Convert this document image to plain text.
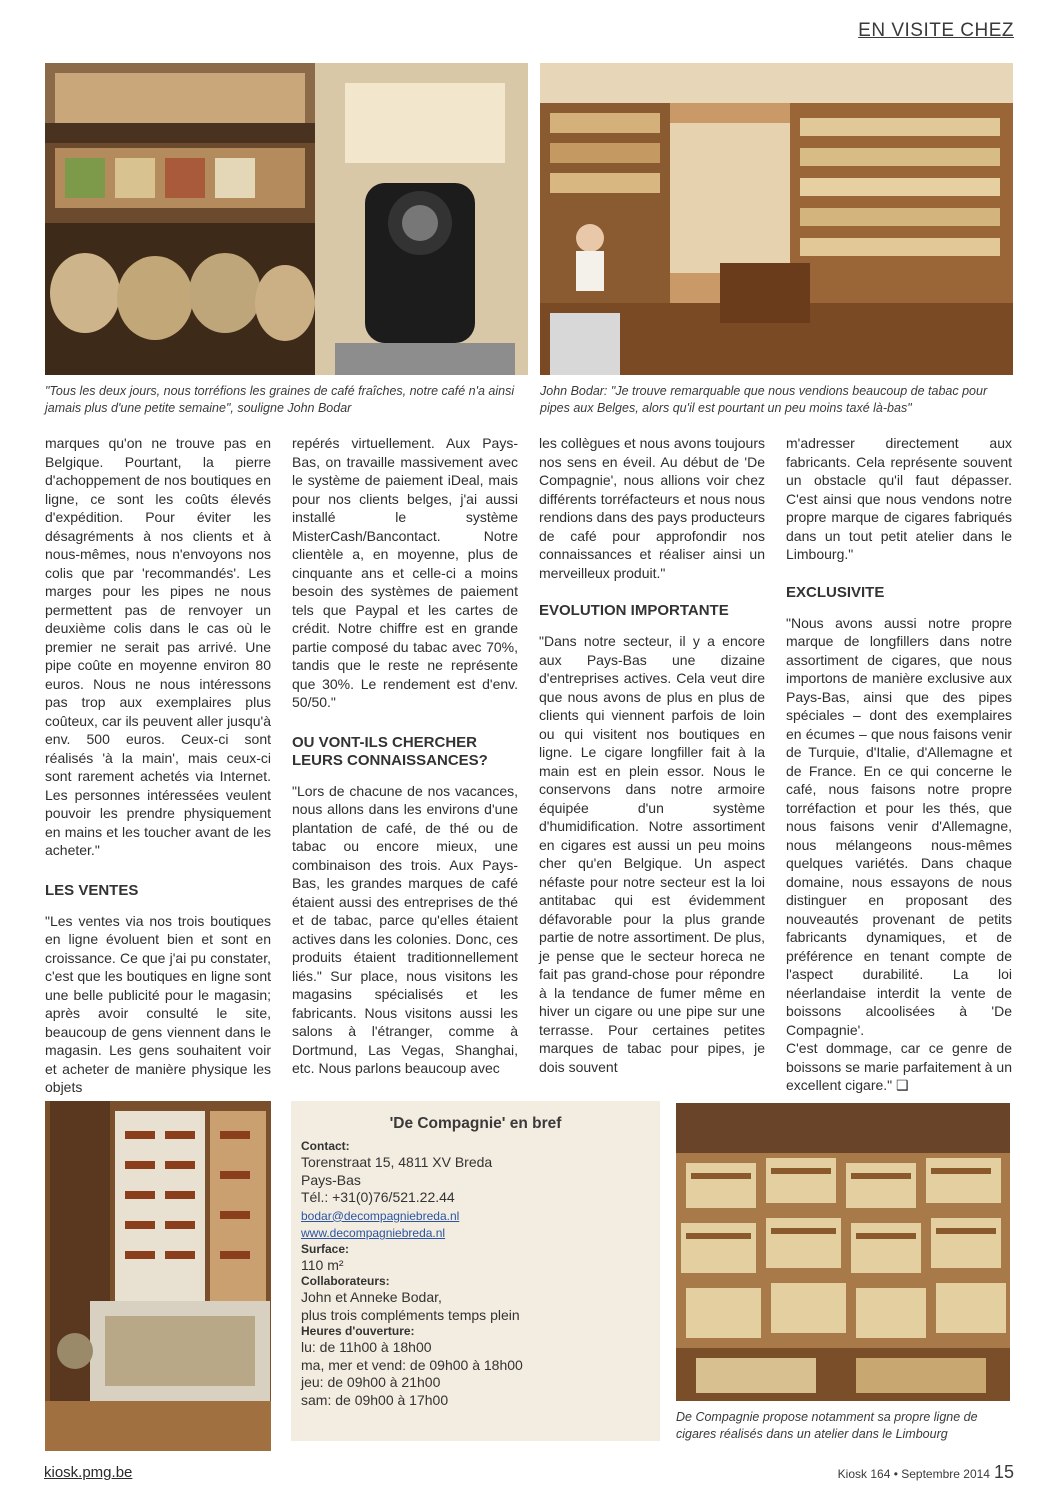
EN VISITE CHEZ
"Tous les deux jours, nous torréfions les graines de café fraîches, notre café n'a ainsi jamais plus d'une petite semaine", souligne John Bodar
John Bodar: "Je trouve remarquable que nous vendions beaucoup de tabac pour pipes aux Belges, alors qu'il est pourtant un peu moins taxé là-bas"

marques qu'on ne trouve pas en Belgique. Pourtant, la pierre d'achoppement de nos boutiques en ligne, ce sont les coûts élevés d'expédition. Pour éviter les désagréments à nos clients et à nous-mêmes, nous n'envoyons nos colis que par 'recommandés'. Les marges pour les pipes ne nous permettent pas de renvoyer un deuxième colis dans le cas où le premier ne serait pas arrivé. Une pipe coûte en moyenne environ 80 euros. Nous ne nous intéressons pas trop aux exemplaires plus coûteux, car ils peuvent aller jusqu'à env. 500 euros. Ceux-ci sont réalisés 'à la main', mais ceux-ci sont rarement achetés via Internet. Les personnes intéressées veulent pouvoir les prendre physiquement en mains et les toucher avant de les acheter."

LES VENTES

"Les ventes via nos trois boutiques en ligne évoluent bien et sont en croissance. Ce que j'ai pu constater, c'est que les boutiques en ligne sont une belle publicité pour le magasin; après avoir consulté le site, beaucoup de gens viennent dans le magasin. Les gens souhaitent voir et acheter de manière physique les objets

repérés virtuellement. Aux Pays-Bas, on travaille massivement avec le système de paiement iDeal, mais pour nos clients belges, j'ai aussi installé le système MisterCash/Bancontact. Notre clientèle a, en moyenne, plus de cinquante ans et celle-ci a moins besoin des systèmes de paiement tels que Paypal et les cartes de crédit. Notre chiffre est en grande partie composé du tabac avec 70%, tandis que le reste ne représente que 30%. Le rendement est d'env. 50/50."

OU VONT-ILS CHERCHER LEURS CONNAISSANCES?

"Lors de chacune de nos vacances, nous allons dans les environs d'une plantation de café, de thé ou de tabac ou encore mieux, une combinaison des trois. Aux Pays-Bas, les grandes marques de café étaient aussi des entreprises de thé et de tabac, parce qu'elles étaient actives dans les colonies. Donc, ces produits étaient traditionnellement liés." Sur place, nous visitons les magasins spécialisés et les fabricants. Nous visitons aussi les salons à l'étranger, comme à Dortmund, Las Vegas, Shanghai, etc. Nous parlons beaucoup avec

les collègues et nous avons toujours nos sens en éveil. Au début de 'De Compagnie', nous allions voir chez différents torréfacteurs et nous nous rendions dans des pays producteurs de café pour approfondir nos connaissances et réaliser ainsi un merveilleux produit."

EVOLUTION IMPORTANTE

"Dans notre secteur, il y a encore aux Pays-Bas une dizaine d'entreprises actives. Cela veut dire que nous avons de plus en plus de clients qui viennent parfois de loin ou qui visitent nos boutiques en ligne. Le cigare longfiller fait à la main est en plein essor. Nous le conservons dans notre armoire équipée d'un système d'humidification. Notre assortiment en cigares est aussi un peu moins cher qu'en Belgique. Un aspect néfaste pour notre secteur est la loi antitabac qui est évidemment défavorable pour la plus grande partie de notre assortiment. De plus, je pense que le secteur horeca ne fait pas grand-chose pour répondre à la tendance de fumer même en hiver un cigare ou une pipe sur une terrasse. Pour certaines petites marques de tabac pour pipes, je dois souvent

m'adresser directement aux fabricants. Cela représente souvent un obstacle qu'il faut dépasser. C'est ainsi que nous vendons notre propre marque de cigares fabriqués dans un tout petit atelier dans le Limbourg."

EXCLUSIVITE

"Nous avons aussi notre propre marque de longfillers dans notre assortiment de cigares, que nous importons de manière exclusive aux Pays-Bas, ainsi que des pipes spéciales – dont des exemplaires en écumes – que nous faisons venir de Turquie, d'Italie, d'Allemagne et de France. En ce qui concerne le café, nous faisons notre propre torréfaction et pour les thés, que nous faisons venir d'Allemagne, nous mélangeons nous-mêmes quelques variétés. Dans chaque domaine, nous essayons de nous distinguer en proposant des nouveautés provenant de petits fabricants dynamiques, et de préférence en tenant compte de l'aspect durabilité. La loi néerlandaise interdit la vente de boissons alcoolisées à 'De Compagnie'.

C'est dommage, car ce genre de boissons se marie parfaitement à un excellent cigare." ❑

'De Compagnie' en bref
Contact:
Torenstraat 15, 4811 XV Breda
Pays-Bas
Tél.: +31(0)76/521.22.44
bodar@decompagniebreda.nl
www.decompagniebreda.nl
Surface:
110 m²
Collaborateurs:
John et Anneke Bodar,
plus trois compléments temps plein
Heures d'ouverture:
lu: de 11h00 à 18h00
ma, mer et vend: de 09h00 à 18h00
jeu: de 09h00 à 21h00
sam: de 09h00 à 17h00
De Compagnie propose notamment sa propre ligne de cigares réalisés dans un atelier dans le Limbourg
kiosk.pmg.be	Kiosk 164 • Septembre 2014 15
